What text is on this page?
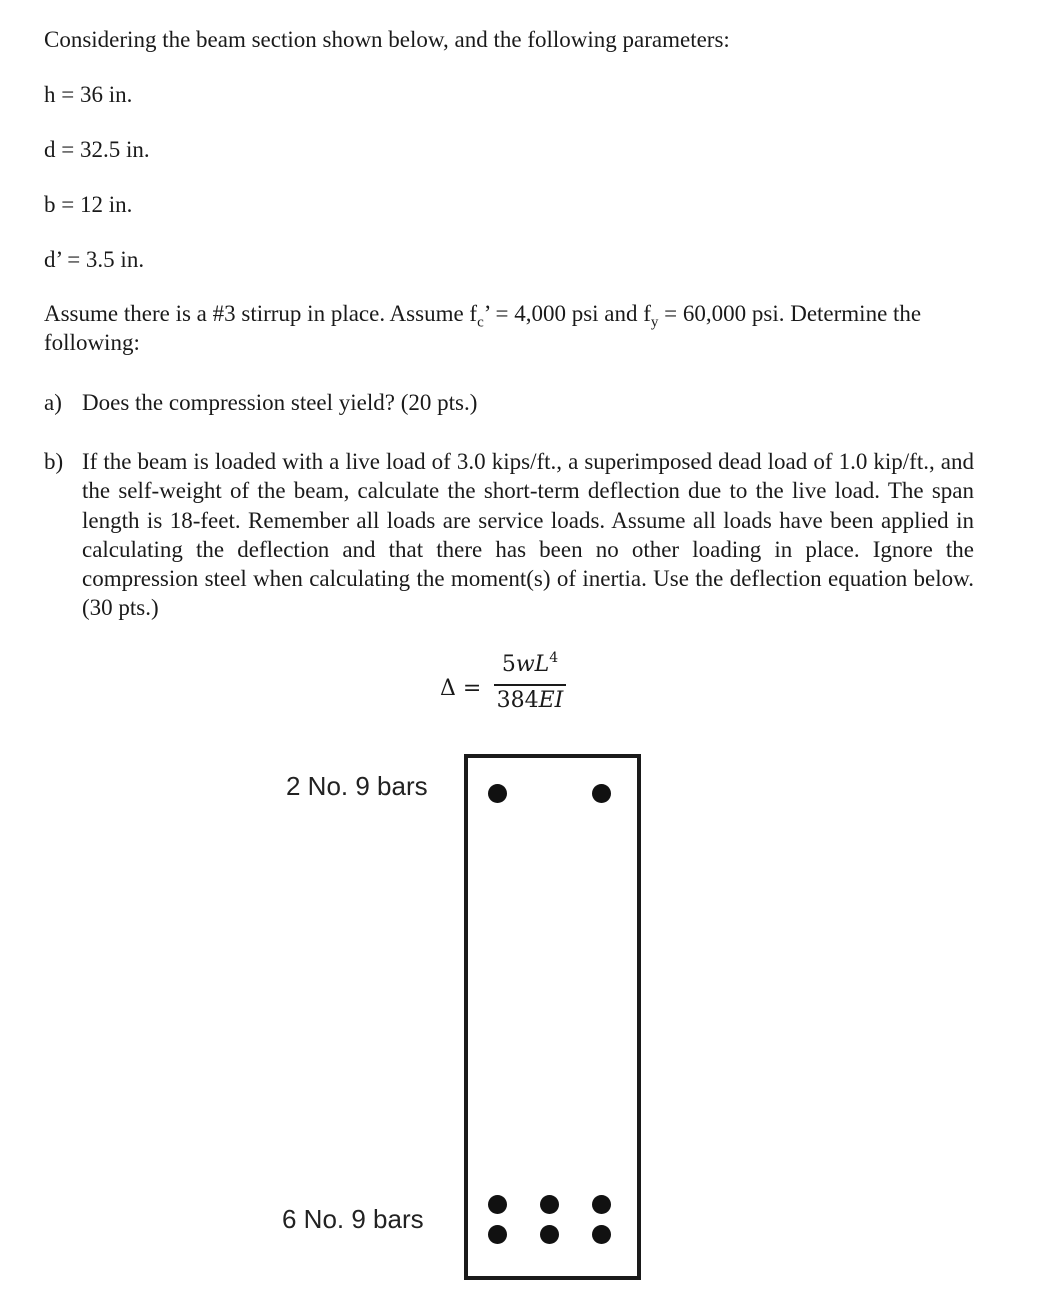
Considering the beam section shown below, and the following parameters:
h = 36 in.
d = 32.5 in.
b = 12 in.
d’ = 3.5 in.
Assume there is a #3 stirrup in place. Assume $f_c$’ = 4,000 psi and $f_y = 60,000$ psi. Determine the following:
a) Does the compression steel yield? (20 pts.)
b) If the beam is loaded with a live load of 3.0 kips/ft., a superimposed dead load of 1.0 kip/ft., and the self-weight of the beam, calculate the short-term deflection due to the live load. The span length is 18-feet. Remember all loads are service loads. Assume all loads have been applied in calculating the deflection and that there has been no other loading in place. Ignore the compression steel when calculating the moment(s) of inertia. Use the deflection equation below. (30 pts.)
Δ =
$5wL^4$
384EI
2 No. 9 bars
6 No. 9 bars
